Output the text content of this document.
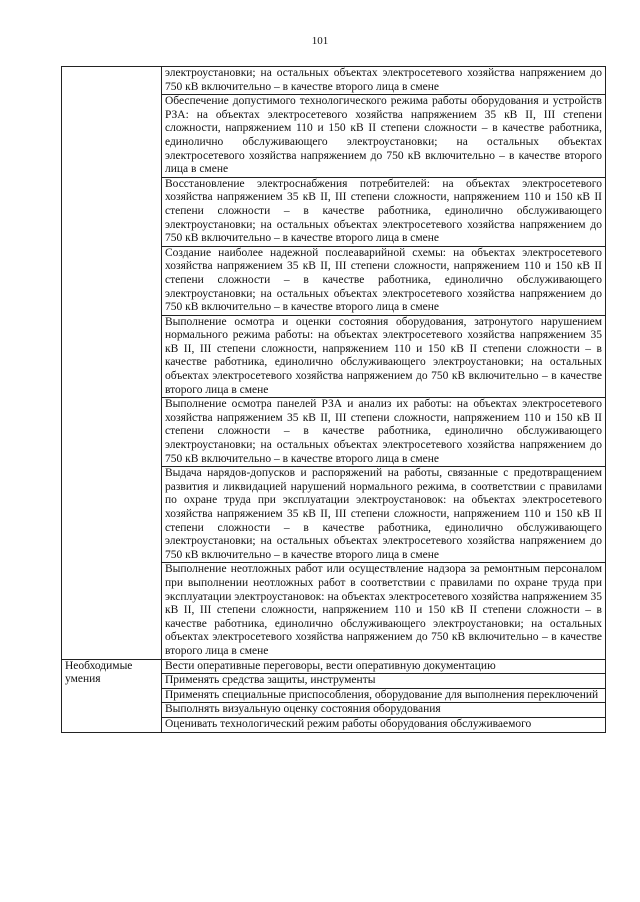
101
	электроустановки; на остальных объектах электросетевого хозяйства напряжением до 750 кВ включительно – в качестве второго лица в смене
	Обеспечение допустимого технологического режима работы оборудования и устройств РЗА: на объектах электросетевого хозяйства напряжением 35 кВ II, III степени сложности, напряжением 110 и 150 кВ II степени сложности – в качестве работника, единолично обслуживающего электроустановки; на остальных объектах электросетевого хозяйства напряжением до 750 кВ включительно – в качестве второго лица в смене
	Восстановление электроснабжения потребителей: на объектах электросетевого хозяйства напряжением 35 кВ II, III степени сложности, напряжением 110 и 150 кВ II степени сложности – в качестве работника, единолично обслуживающего электроустановки; на остальных объектах электросетевого хозяйства напряжением до 750 кВ включительно – в качестве второго лица в смене
	Создание наиболее надежной послеаварийной схемы: на объектах электросетевого хозяйства напряжением 35 кВ II, III степени сложности, напряжением 110 и 150 кВ II степени сложности – в качестве работника, единолично обслуживающего электроустановки; на остальных объектах электросетевого хозяйства напряжением до 750 кВ включительно – в качестве второго лица в смене
	Выполнение осмотра и оценки состояния оборудования, затронутого нарушением нормального режима работы: на объектах электросетевого хозяйства напряжением 35 кВ II, III степени сложности, напряжением 110 и 150 кВ II степени сложности – в качестве работника, единолично обслуживающего электроустановки; на остальных объектах электросетевого хозяйства напряжением до 750 кВ включительно – в качестве второго лица в смене
	Выполнение осмотра панелей РЗА и анализ их работы: на объектах электросетевого хозяйства напряжением 35 кВ II, III степени сложности, напряжением 110 и 150 кВ II степени сложности – в качестве работника, единолично обслуживающего электроустановки; на остальных объектах электросетевого хозяйства напряжением до 750 кВ включительно – в качестве второго лица в смене
	Выдача нарядов-допусков и распоряжений на работы, связанные с предотвращением развития и ликвидацией нарушений нормального режима, в соответствии с правилами по охране труда при эксплуатации электроустановок: на объектах электросетевого хозяйства напряжением 35 кВ II, III степени сложности, напряжением 110 и 150 кВ II степени сложности – в качестве работника, единолично обслуживающего электроустановки; на остальных объектах электросетевого хозяйства напряжением до 750 кВ включительно – в качестве второго лица в смене
	Выполнение неотложных работ или осуществление надзора за ремонтным персоналом при выполнении неотложных работ в соответствии с правилами по охране труда при эксплуатации электроустановок: на объектах электросетевого хозяйства напряжением 35 кВ II, III степени сложности, напряжением 110 и 150 кВ II степени сложности – в качестве работника, единолично обслуживающего электроустановки; на остальных объектах электросетевого хозяйства напряжением до 750 кВ включительно – в качестве второго лица в смене
Необходимые умения	Вести оперативные переговоры, вести оперативную документацию
	Применять средства защиты, инструменты
	Применять специальные приспособления, оборудование для выполнения переключений
	Выполнять визуальную оценку состояния оборудования
	Оценивать технологический режим работы оборудования обслуживаемого
